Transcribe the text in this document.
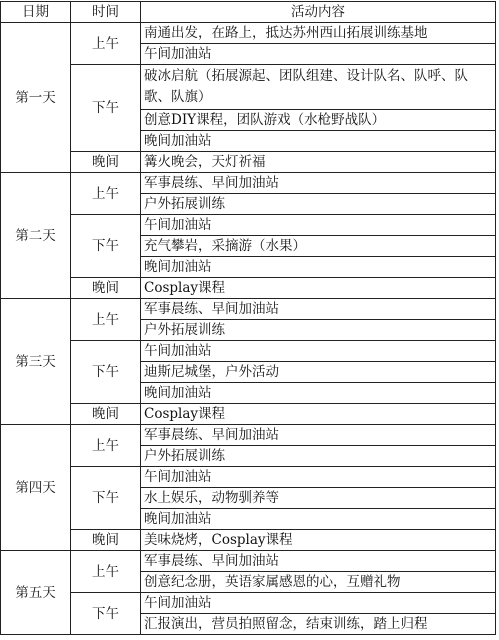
日期	时间	活动内容
第一天	上午	南通出发，在路上，抵达苏州西山拓展训练基地
		午间加油站
	下午	破冰启航（拓展源起、团队组建、设计队名、队呼、队歌、队旗）
		创意DIY课程，团队游戏（水枪野战队）
		晚间加油站
	晚间	篝火晚会，天灯祈福
第二天	上午	军事晨练、早间加油站
		户外拓展训练
	下午	午间加油站
		充气攀岩，采摘游（水果）
		晚间加油站
	晚间	Cosplay课程
第三天	上午	军事晨练、早间加油站
		户外拓展训练
	下午	午间加油站
		迪斯尼城堡，户外活动
		晚间加油站
	晚间	Cosplay课程
第四天	上午	军事晨练、早间加油站
		户外拓展训练
	下午	午间加油站
		水上娱乐，动物驯养等
		晚间加油站
	晚间	美味烧烤，Cosplay课程
第五天	上午	军事晨练、早间加油站
		创意纪念册，英语家属感恩的心，互赠礼物
	下午	午间加油站
		汇报演出，营员拍照留念，结束训练，踏上归程
